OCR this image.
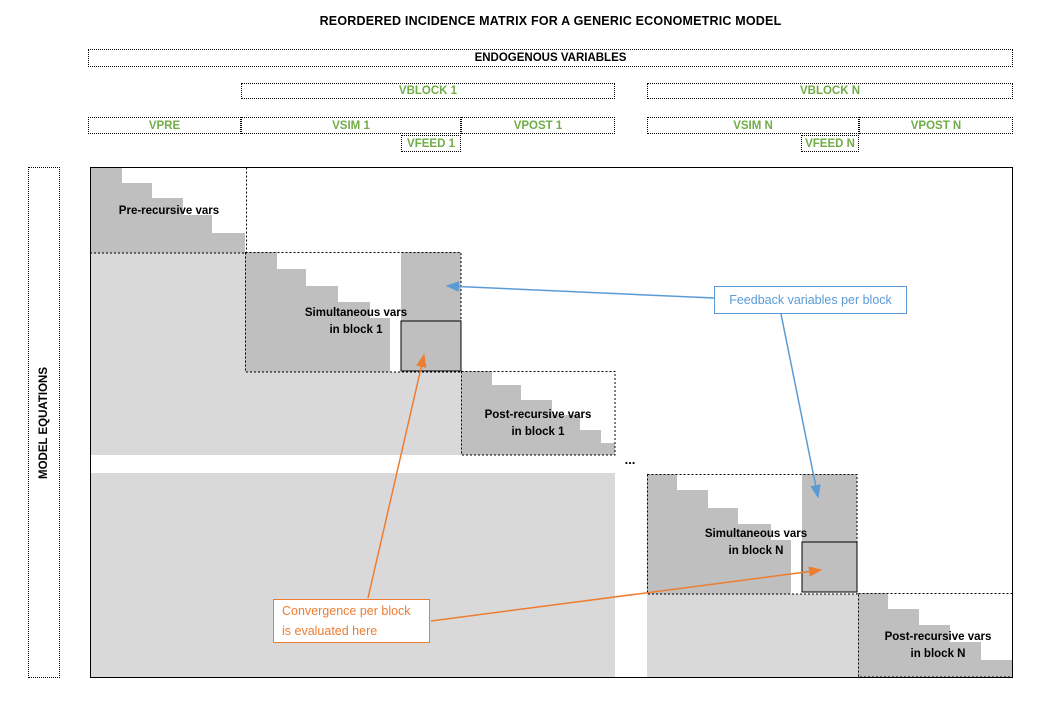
REORDERED INCIDENCE MATRIX FOR A GENERIC ECONOMETRIC MODEL
ENDOGENOUS VARIABLES
VBLOCK 1	VBLOCK N
VPRE	VSIM 1	VPOST 1	VSIM N	VPOST N
VFEED 1	VFEED N
MODEL EQUATIONS
Pre-recursive vars
Simultaneous vars
in block 1
Post-recursive vars
in block 1
Simultaneous vars
in block N
Post-recursive vars
in block N
...
Feedback variables per block
Convergence per block
is evaluated here
